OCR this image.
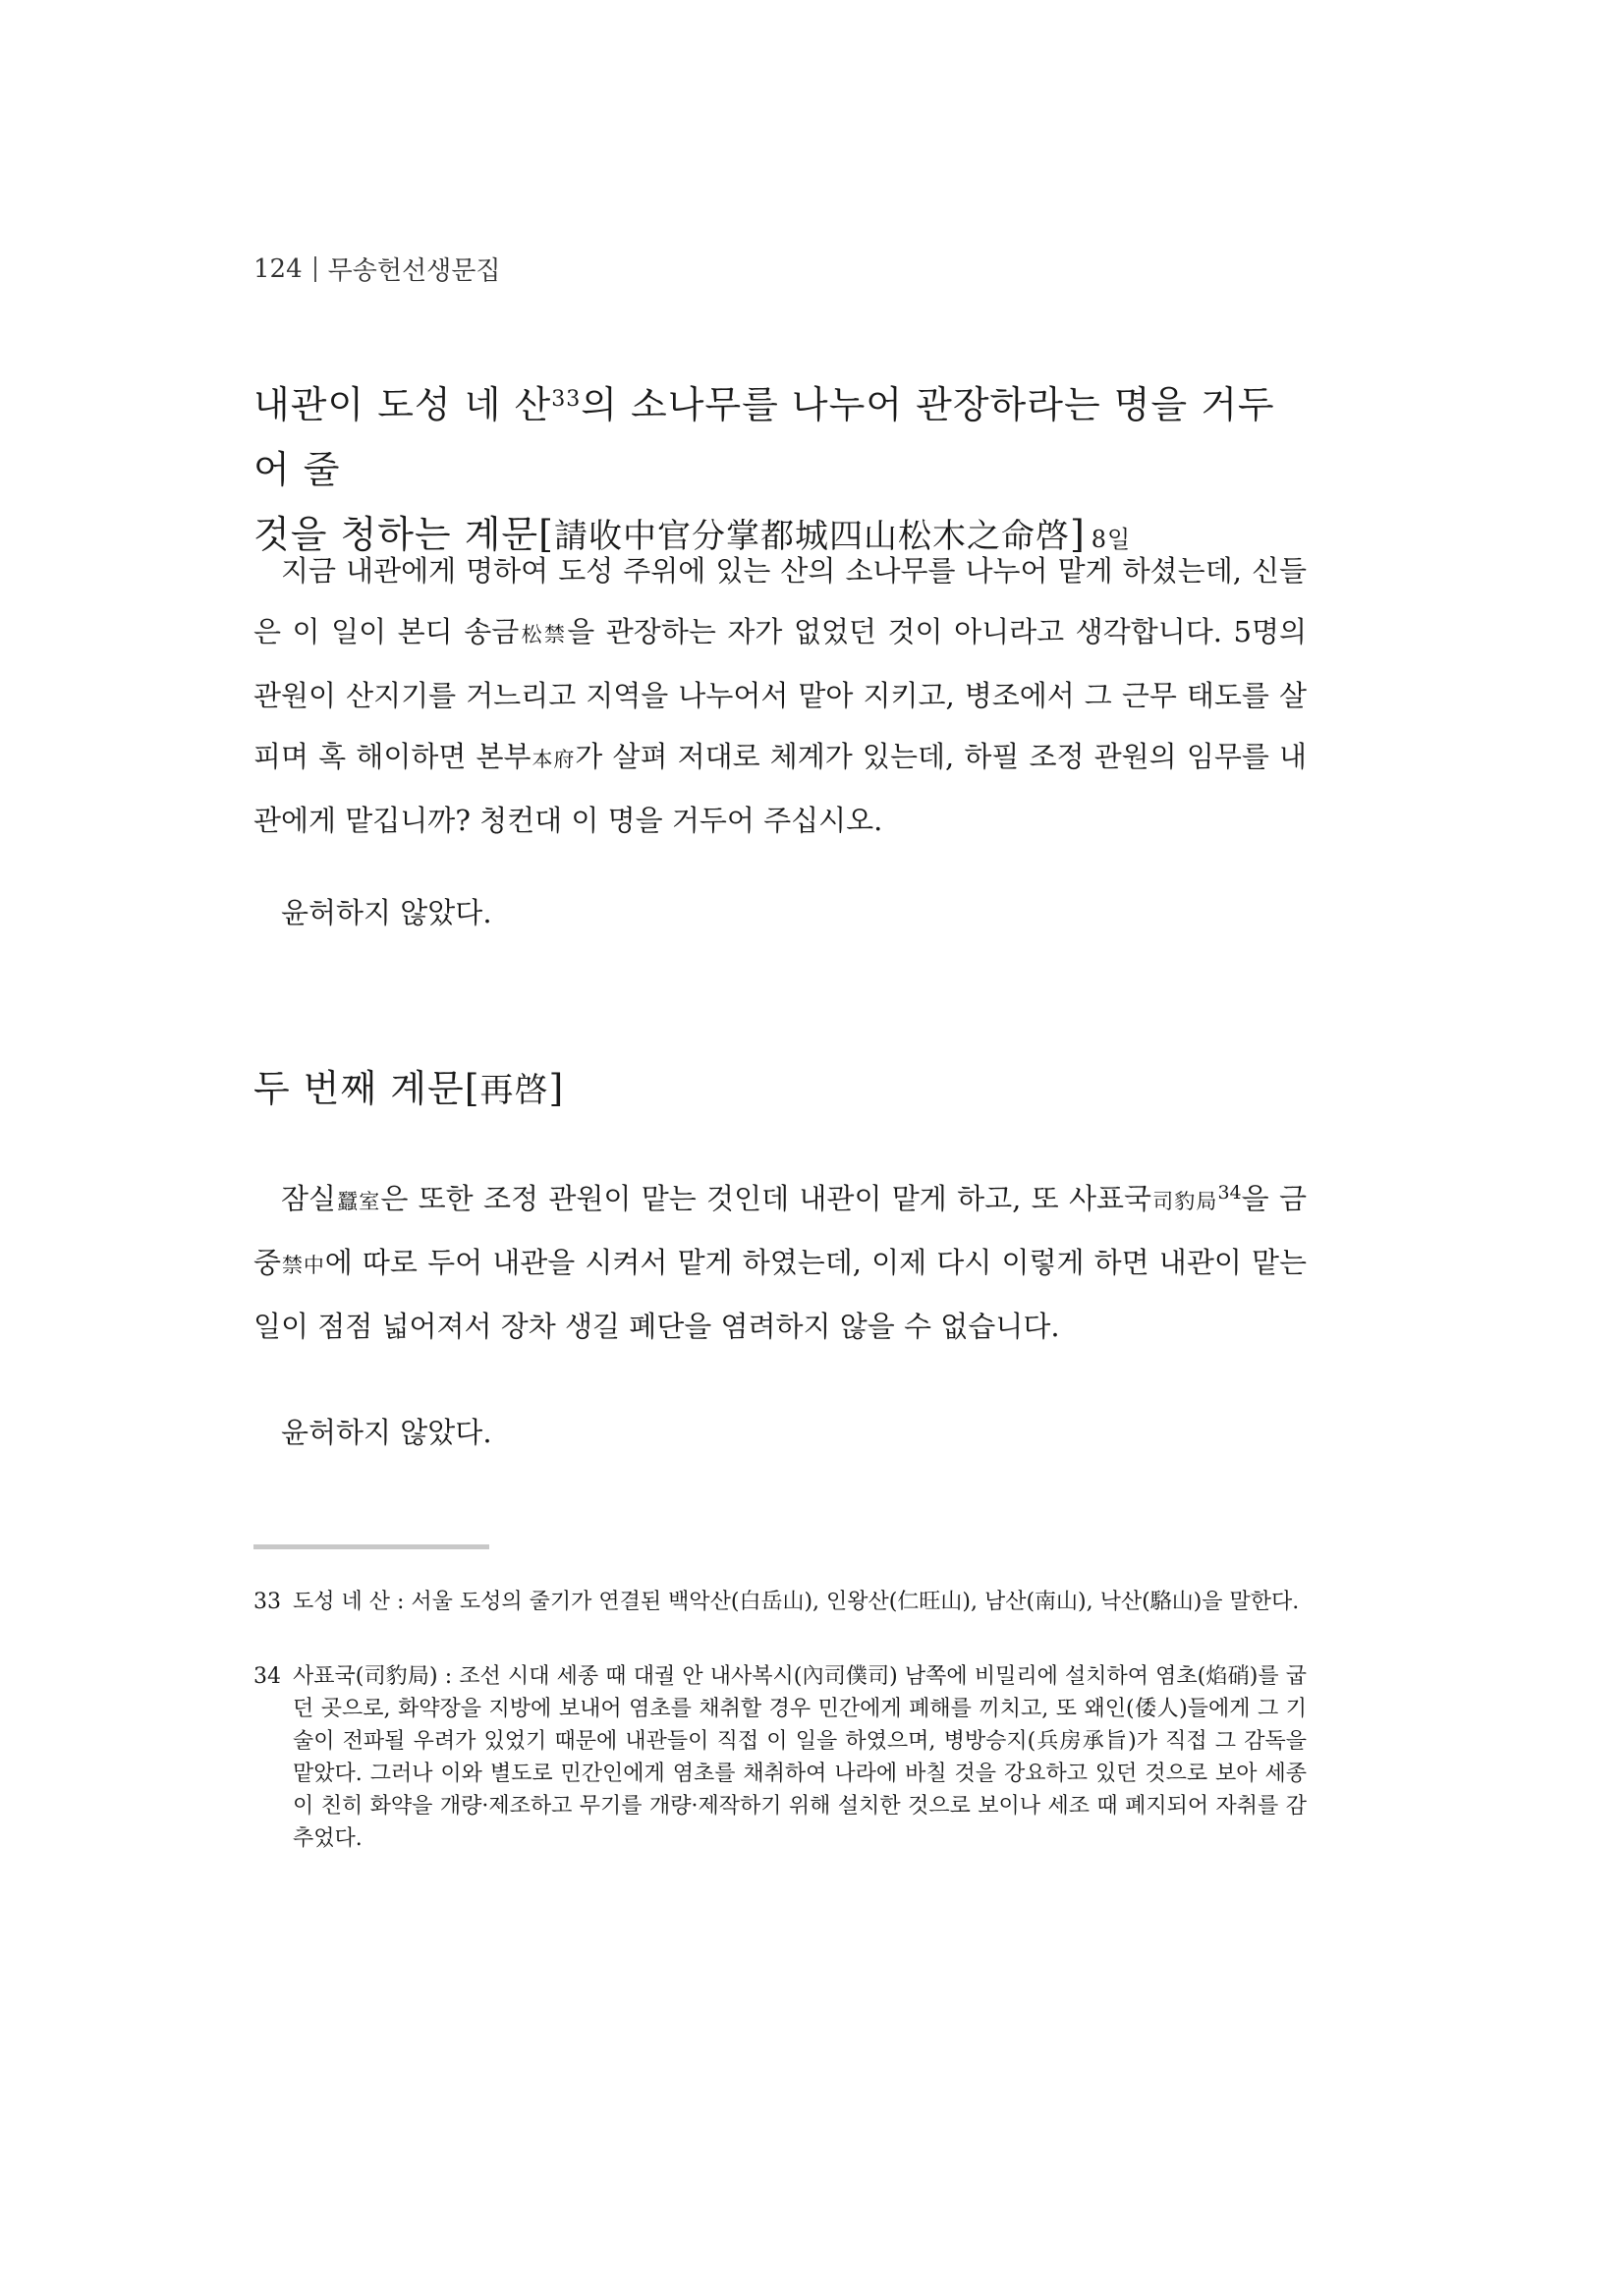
124 무송헌선생문집
내관이 도성 네 산$^{33}$의 소나무를 나누어 관장하라는 명을 거두어 줄
것을 청하는 계문[請收中官分掌都城四山松木之命啓] 8일

지금 내관에게 명하여 도성 주위에 있는 산의 소나무를 나누어 맡게 하셨는데, 신들은 이 일이 본디 송금松禁을 관장하는 자가 없었던 것이 아니라고 생각합니다. 5명의 관원이 산지기를 거느리고 지역을 나누어서 맡아 지키고, 병조에서 그 근무 태도를 살피며 혹 해이하면 본부本府가 살펴 저대로 체계가 있는데, 하필 조정 관원의 임무를 내관에게 맡깁니까? 청컨대 이 명을 거두어 주십시오.

윤허하지 않았다.

두 번째 계문[再啓]

잠실蠶室은 또한 조정 관원이 맡는 것인데 내관이 맡게 하고, 또 사표국司豹局$^{34}$을 금중禁中에 따로 두어 내관을 시켜서 맡게 하였는데, 이제 다시 이렇게 하면 내관이 맡는 일이 점점 넓어져서 장차 생길 폐단을 염려하지 않을 수 없습니다.

윤허하지 않았다.

33 도성 네 산 : 서울 도성의 줄기가 연결된 백악산(白岳山), 인왕산(仁旺山), 남산(南山), 낙산(駱山)을 말한다.
34 사표국(司豹局) : 조선 시대 세종 때 대궐 안 내사복시(內司僕司) 남쪽에 비밀리에 설치하여 염초(焰硝)를 굽던 곳으로, 화약장을 지방에 보내어 염초를 채취할 경우 민간에게 폐해를 끼치고, 또 왜인(倭人)들에게 그 기술이 전파될 우려가 있었기 때문에 내관들이 직접 이 일을 하였으며, 병방승지(兵房承旨)가 직접 그 감독을 맡았다. 그러나 이와 별도로 민간인에게 염초를 채취하여 나라에 바칠 것을 강요하고 있던 것으로 보아 세종이 친히 화약을 개량·제조하고 무기를 개량·제작하기 위해 설치한 것으로 보이나 세조 때 폐지되어 자취를 감추었다.
